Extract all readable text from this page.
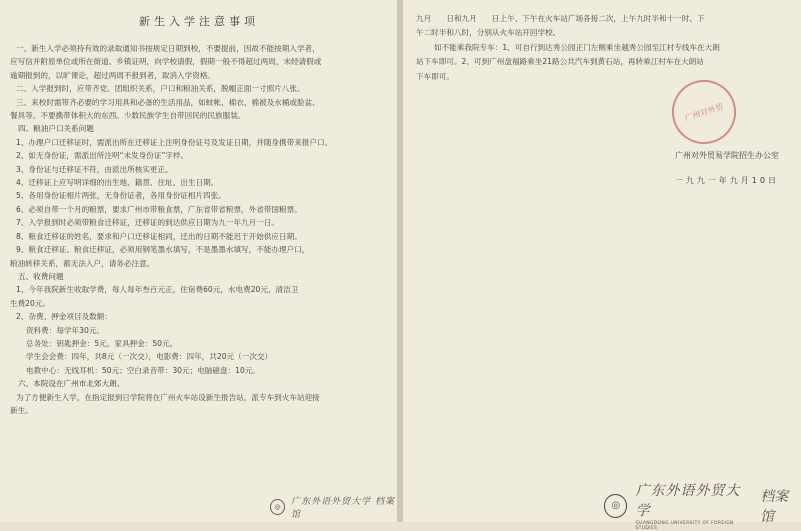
新生入学注意事项
一、新生入学必须持有效的录取通知书按规定日期到校，不要提前，因故不能按期入学者，
应写信并附原单位或所在街道、乡镇证明，向学校请假，假期一般不得超过两周，未经请假或
逾期报到的，以旷课论，超过两周不报到者，取消入学资格。
二、入学报到时，应带齐党、团组织关系，户口和粮油关系，脱帽正面一寸照片八张。
三、来校时需带齐必要的学习用具和必备的生活用品，如蚊帐、棉衣、棉被及水桶或脸盆、
餐具等。不要携带体积大的东西。少数民族学生自带回民的民族服装。
四、粮油户口关系问题
1、办理户口迁移证时，需派出所在迁移证上注明身份证号及发证日期，并随身携带来报户口。
2、如无身份证，需派出所注明“未发身份证”字样。
3、身份证与迁移证不符，由派出所核实更正。
4、迁移证上应写明详细的出生地、籍贯、住址、出生日期。
5、各用身份证相片两张，无身份证者，各用身份证相片四张。
6、必须自带一个月的粮票，要求广州市带粮食票，广东省带省粮票，外省带国粮票。
7、入学报到时必须带粮食迁移证，迁移证的到达供应日期为九一年九月一日。
8、粮食迁移证的姓名，要求和户口迁移证相同，迁出的日期不能迟于开始供应日期。
9、粮食迁移证、粮食迁移证，必须用钢笔墨水填写，不是墨墨水填写，不能办理户口，
粮油转移关系，都无法入户，请务必注意。
五、收费问题
1、今年我院新生收取学费，每人每年叁百元正，住宿费60元，水电费20元，清洁卫
生费20元。
2、杂费、押金项目及数额：
资料费：每学年30元。
总务处：钥匙押金：5元，家具押金：50元。
学生会会费：四年，共8元（一次交），电影费：四年，共20元（一次交）
电教中心：无线耳机：50元；空白录音带：30元；电脑磁盘：10元。
六、本院设在广州市北郊大朗。
为了方便新生入学，在指定报到日学院将在广州火车站设新生报告站，派专车到火车站迎接
新生。
◎	广东外语外贸大学 档案馆
九月　　日和九月　　日上午、下午在火车站广场各接二次，上午九时半和十一时、下
午二时半和八时，分别从火车站开回学校。
如不能乘我院专车：1、可自行到达秀公园正门左侧乘坐越秀公园至江村专线车在大朗
站下车即可。2、可到广州盘福路乘坐21路公共汽车到黄石站，再转乘江村车在大朗站
下车即可。
广州对外贸
广州对外贸易学院招生办公室
一九九一年九月10日
◎
广东外语外贸大学
GUANGDONG UNIVERSITY OF FOREIGN STUDIES
档案馆
